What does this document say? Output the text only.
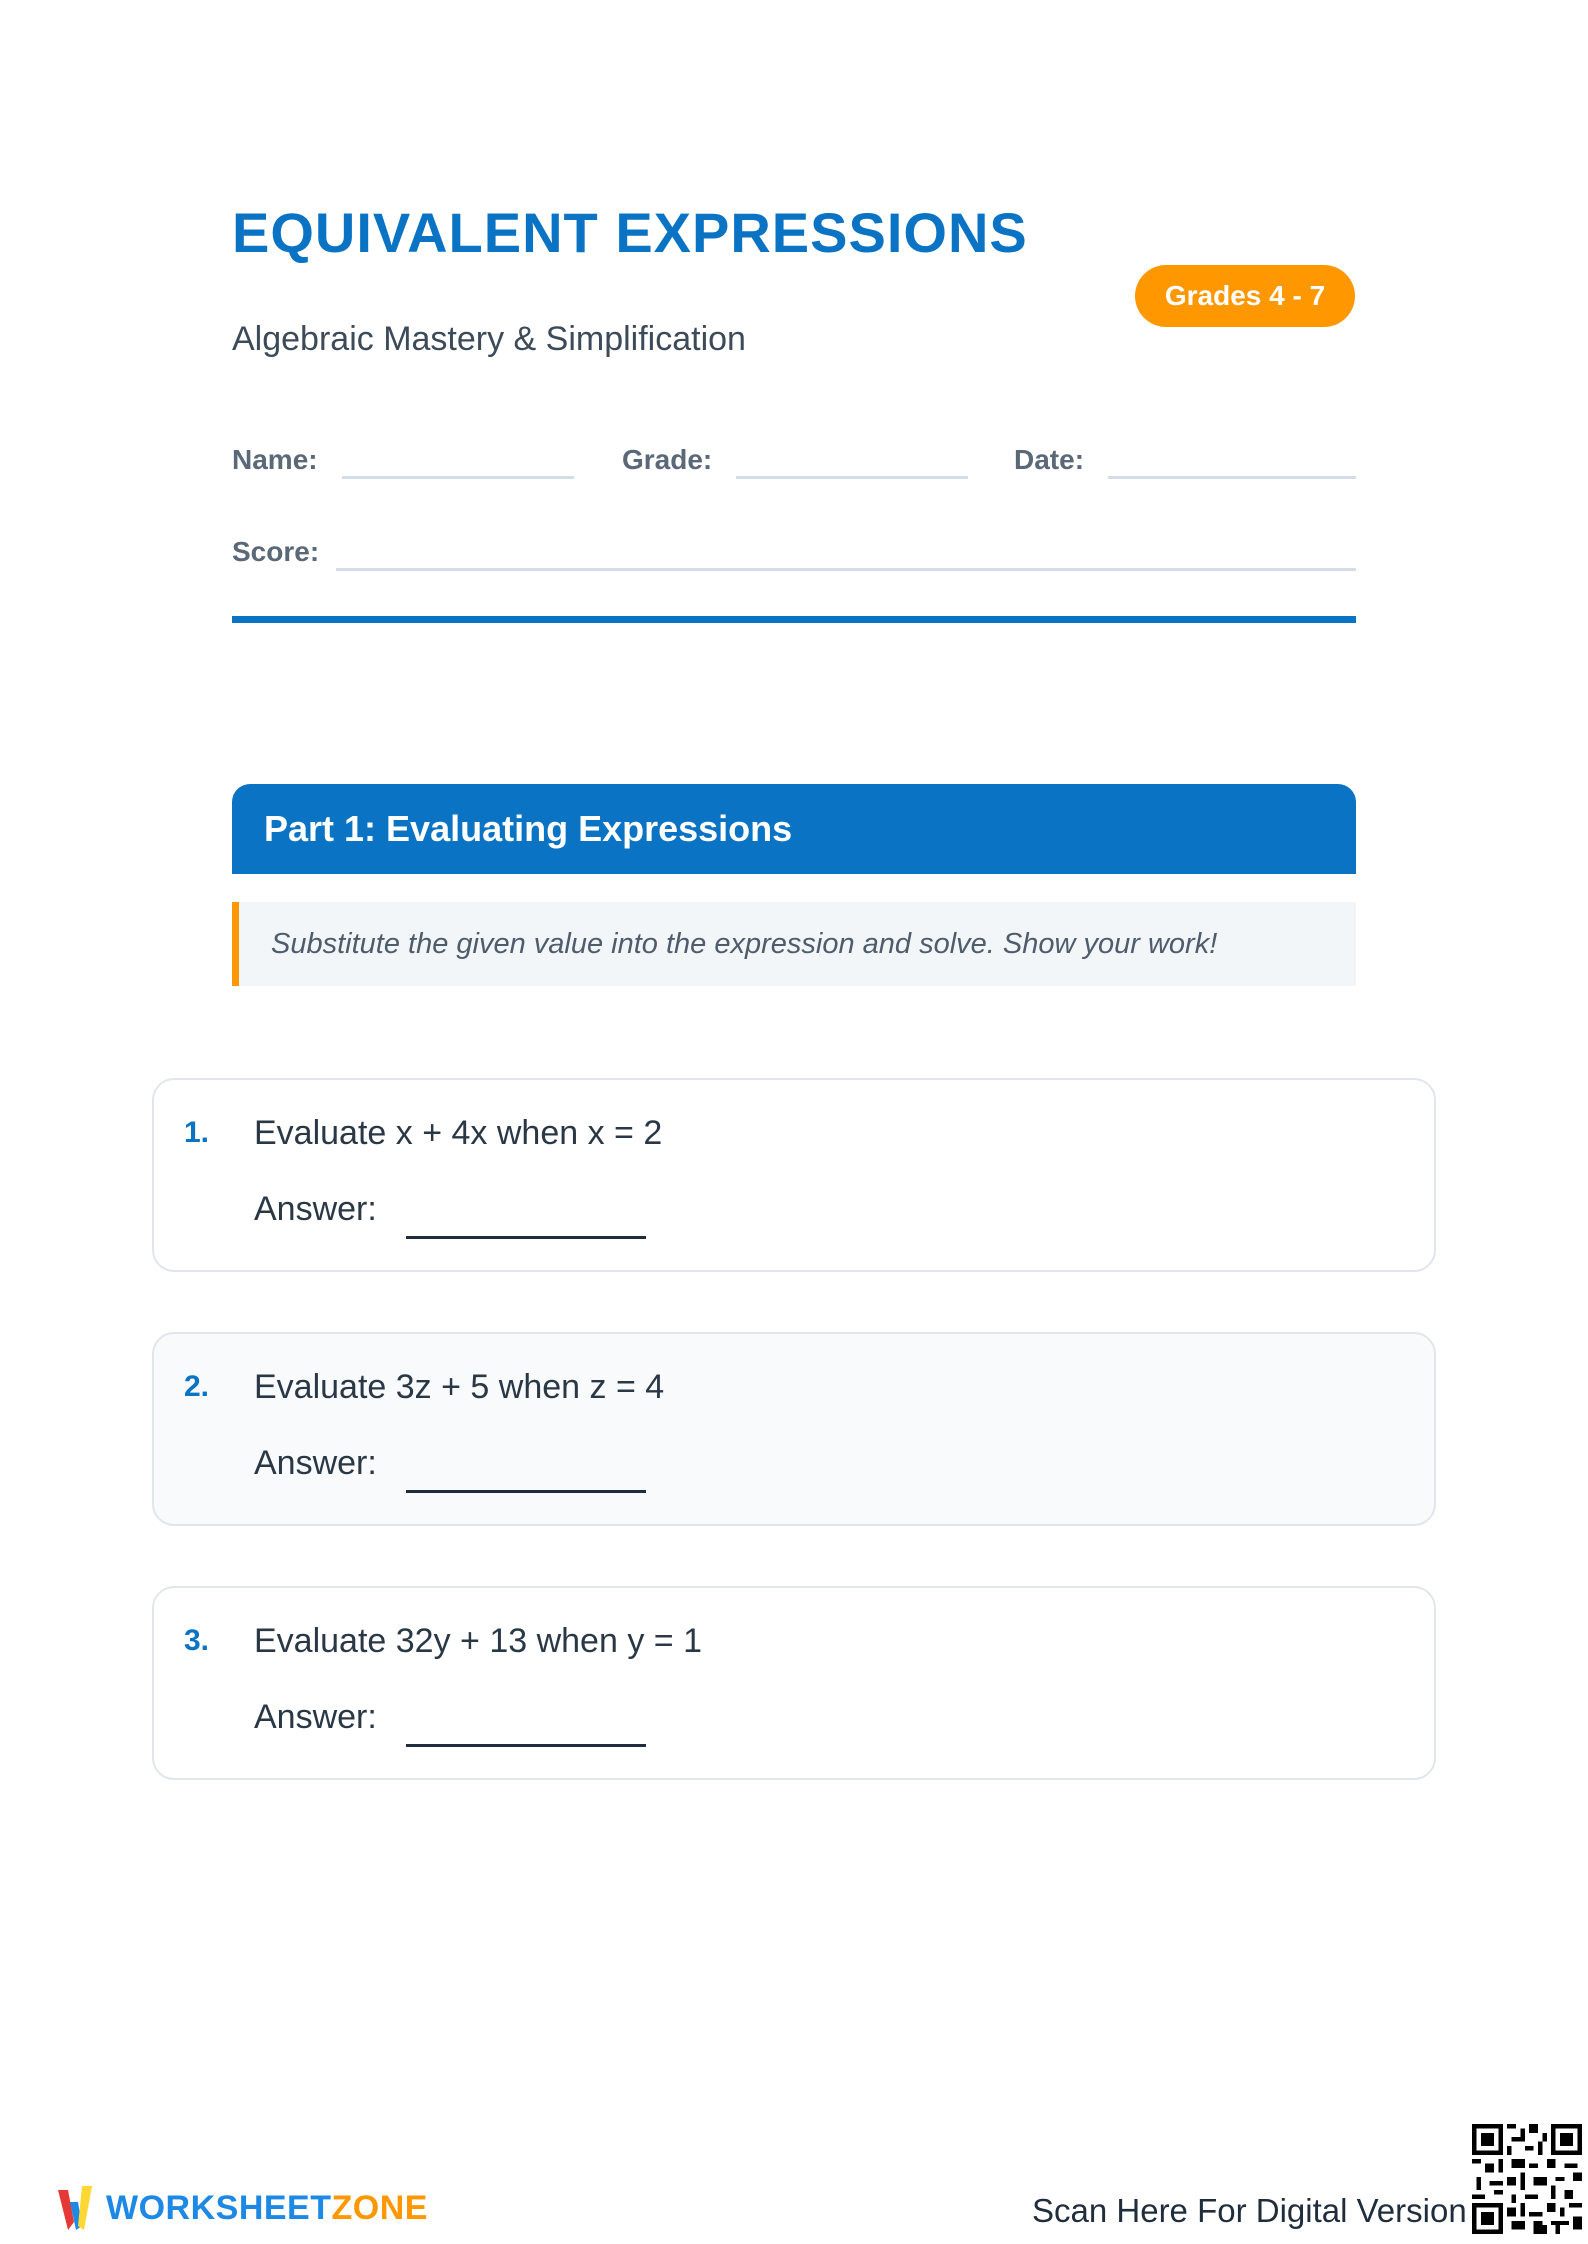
EQUIVALENT EXPRESSIONS
Grades 4 - 7
Algebraic Mastery & Simplification
Name:	Grade:	Date:
Score:
Part 1: Evaluating Expressions
Substitute the given value into the expression and solve. Show your work!
1. Evaluate x + 4x when x = 2
Answer:
2. Evaluate 3z + 5 when z = 4
Answer:
3. Evaluate 32y + 13 when y = 1
Answer:
WORKSHEETZONE	Scan Here For Digital Version
